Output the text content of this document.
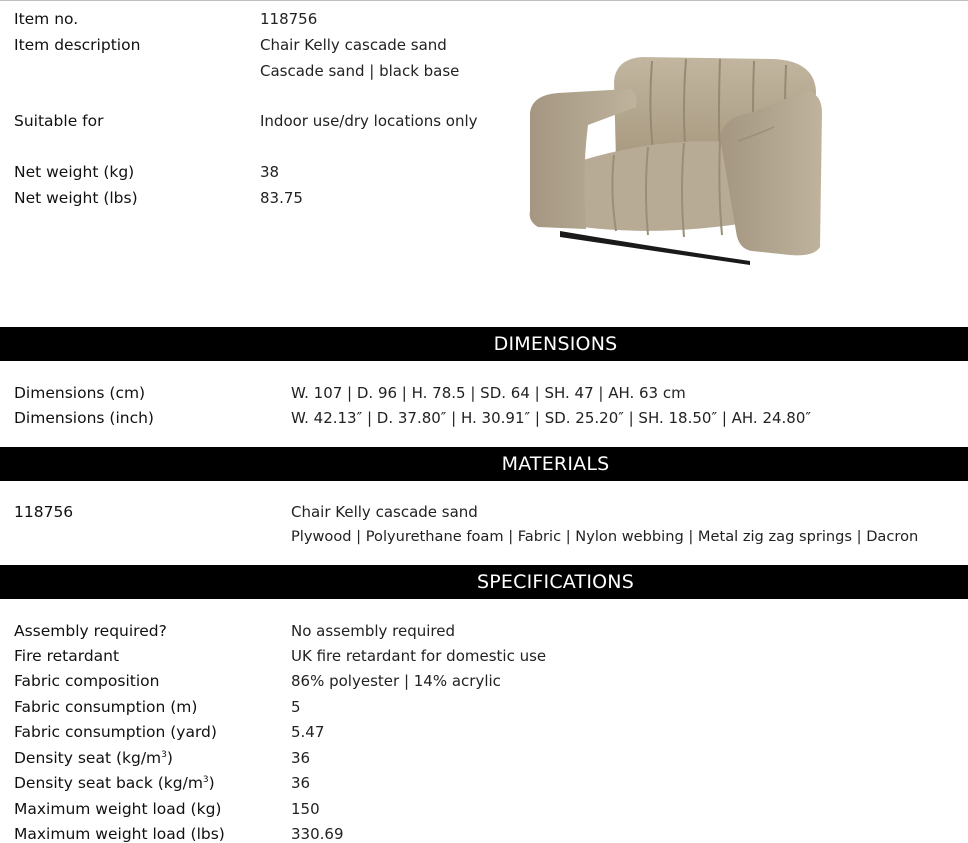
Item no.	118756
Item description	Chair Kelly cascade sand
Cascade sand | black base
Suitable for	Indoor use/dry locations only
Net weight (kg)	38
Net weight (lbs)	83.75
DIMENSIONS
Dimensions (cm)	W. 107 | D. 96 | H. 78.5 | SD. 64 | SH. 47 | AH. 63 cm
Dimensions (inch)	W. 42.13″ | D. 37.80″ | H. 30.91″ | SD. 25.20″ | SH. 18.50″ | AH. 24.80″
MATERIALS
118756	Chair Kelly cascade sand
Plywood | Polyurethane foam | Fabric | Nylon webbing | Metal zig zag springs | Dacron
SPECIFICATIONS
Assembly required?	No assembly required
Fire retardant	UK fire retardant for domestic use
Fabric composition	86% polyester | 14% acrylic
Fabric consumption (m)	5
Fabric consumption (yard)	5.47
Density seat $(kg/m^3)$	36
Density seat back $(kg/m^3)$	36
Maximum weight load (kg)	150
Maximum weight load (lbs)	330.69
